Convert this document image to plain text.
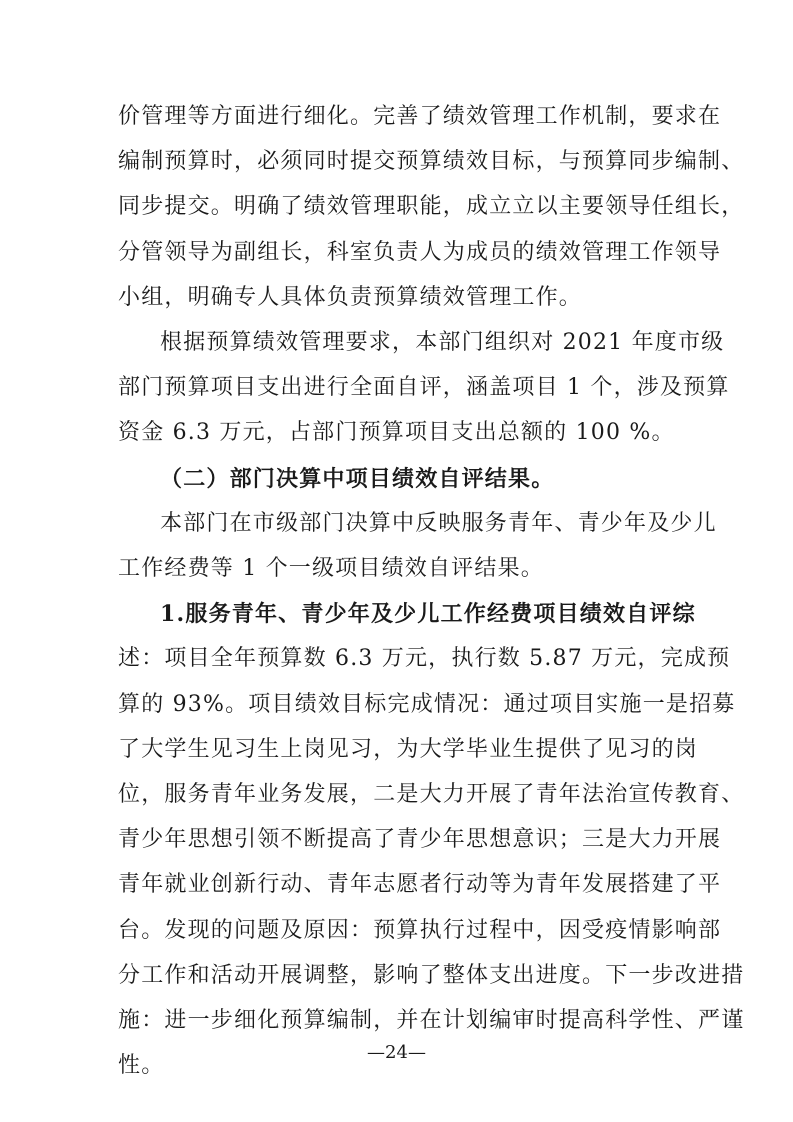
价管理等方面进行细化。完善了绩效管理工作机制，要求在
编制预算时，必须同时提交预算绩效目标，与预算同步编制、
同步提交。明确了绩效管理职能，成立立以主要领导任组长，
分管领导为副组长，科室负责人为成员的绩效管理工作领导
小组，明确专人具体负责预算绩效管理工作。
根据预算绩效管理要求，本部门组织对 2021 年度市级
部门预算项目支出进行全面自评，涵盖项目 1 个，涉及预算
资金 6.3 万元，占部门预算项目支出总额的 100 %。
（二）部门决算中项目绩效自评结果。
本部门在市级部门决算中反映服务青年、青少年及少儿
工作经费等 1 个一级项目绩效自评结果。
1.服务青年、青少年及少儿工作经费项目绩效自评综
述：项目全年预算数 6.3 万元，执行数 5.87 万元，完成预
算的 93%。项目绩效目标完成情况：通过项目实施一是招募
了大学生见习生上岗见习，为大学毕业生提供了见习的岗
位，服务青年业务发展，二是大力开展了青年法治宣传教育、
青少年思想引领不断提高了青少年思想意识；三是大力开展
青年就业创新行动、青年志愿者行动等为青年发展搭建了平
台。发现的问题及原因：预算执行过程中，因受疫情影响部
分工作和活动开展调整，影响了整体支出进度。下一步改进措
施：进一步细化预算编制，并在计划编审时提高科学性、严谨
性。
—24—
